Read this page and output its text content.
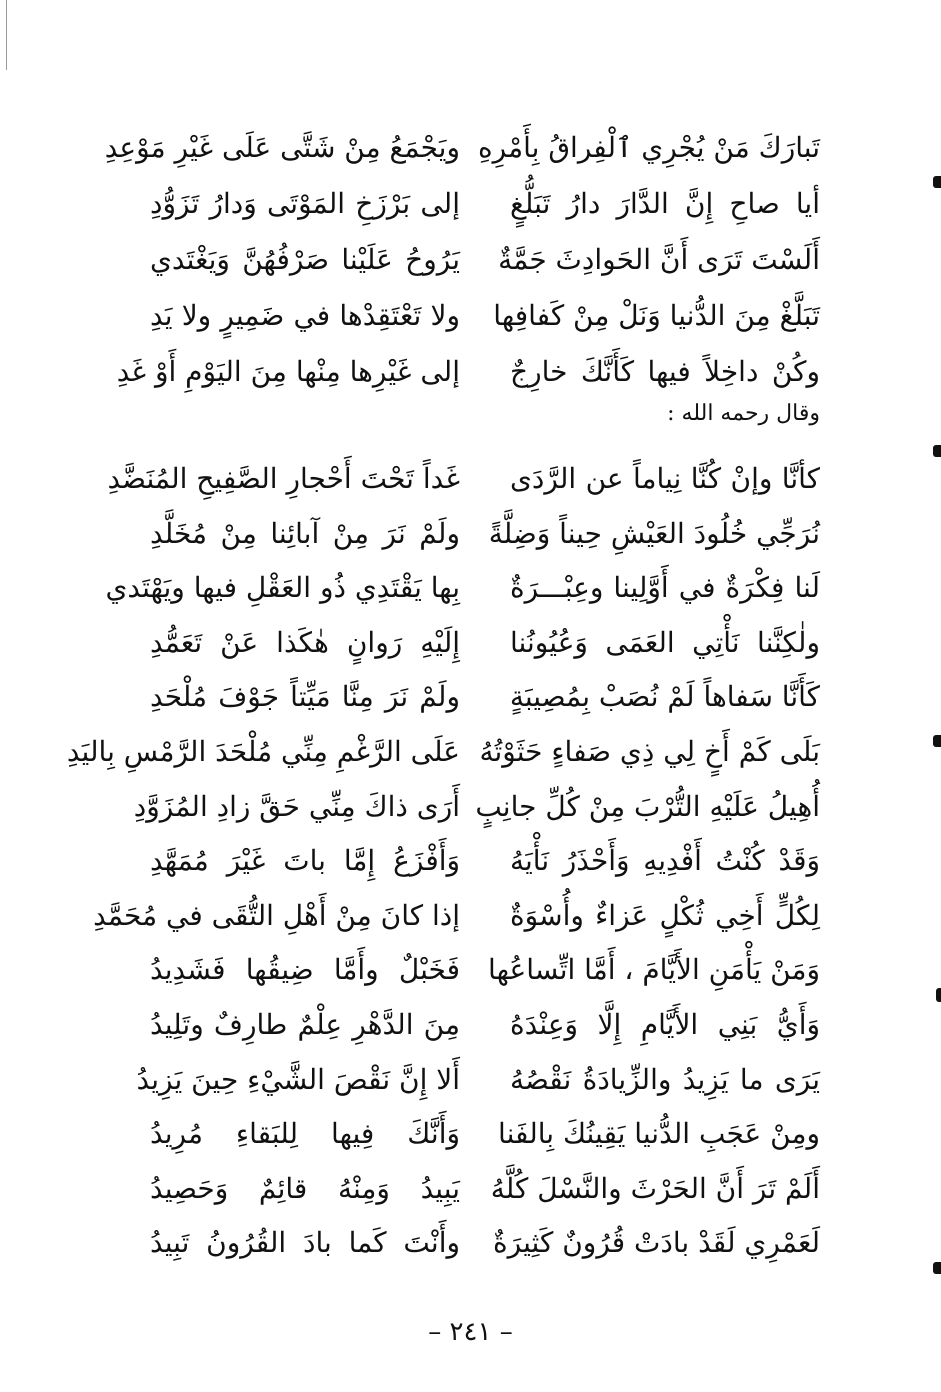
تَبارَكَ مَنْ يُجْرِي ٱلْفِراقُ بِأَمْرِهِ
ويَجْمَعُ مِنْ شَتَّى عَلَى غَيْرِ مَوْعِدِ
أيا صاحِ إِنَّ الدَّارَ دارُ تَبَلُّغٍ
إلى بَرْزَخِ المَوْتَى وَدارُ تَزَوُّدِ
أَلَسْتَ تَرَى أَنَّ الحَوادِثَ جَمَّةٌ
يَرُوحُ عَلَيْنا صَرْفُهُنَّ وَيَغْتَدي
تَبَلَّغْ مِنَ الدُّنيا وَنَلْ مِنْ كَفافِها
ولا تَعْتَقِدْها في ضَمِيرٍ ولا يَدِ
وكُنْ داخِلاً فيها كَأَنَّكَ خارِجٌ
إلى غَيْرِها مِنْها مِنَ اليَوْمِ أَوْ غَدِ
وقال رحمه الله :
كأنَّا وإنْ كُنَّا نِياماً عن الرَّدَى
غَداً تَحْتَ أَحْجارِ الصَّفِيحِ المُنَضَّدِ
نُرَجِّي خُلُودَ العَيْشِ حِيناً وَضِلَّةً
ولَمْ نَرَ مِنْ آبائِنا مِنْ مُخَلَّدِ
لَنا فِكْرَةٌ في أَوَّلِينا وعِبْـــرَةٌ
بِها يَقْتَدِي ذُو العَقْلِ فيها ويَهْتَدي
ولٰكِنَّنا نَأْتِي العَمَى وَعُيُونُنا
إِلَيْهِ رَوانٍ هٰكَذا عَنْ تَعَمُّدِ
كَأَنَّا سَفاهاً لَمْ نُصَبْ بِمُصِيبَةٍ
ولَمْ نَرَ مِنَّا مَيِّتاً جَوْفَ مُلْحَدِ
بَلَى كَمْ أَخٍ لِي ذِي صَفاءٍ حَثَوْتُهُ
عَلَى الرَّغْمِ مِنِّي مُلْحَدَ الرَّمْسِ بِاليَدِ
أُهِيلُ عَلَيْهِ التُّرْبَ مِنْ كُلِّ جانِبٍ
أَرَى ذاكَ مِنِّي حَقَّ زادِ المُزَوَّدِ
وَقَدْ كُنْتُ أَفْدِيهِ وَأَحْذَرُ نَأْيَهُ
وَأَفْزَعُ إِمَّا باتَ غَيْرَ مُمَهَّدِ
لِكُلٍّ أَخِي ثُكْلٍ عَزاءٌ وأُسْوَةٌ
إذا كانَ مِنْ أَهْلِ التُّقَى في مُحَمَّدِ
وَمَنْ يَأْمَنِ الأَيَّامَ ، أَمَّا اتِّساعُها
فَخَبْلٌ وأَمَّا ضِيقُها فَشَدِيدُ
وَأَيُّ بَنِي الأَيَّامِ إِلَّا وَعِنْدَهُ
مِنَ الدَّهْرِ عِلْمٌ طارِفٌ وتَلِيدُ
يَرَى ما يَزِيدُ والزِّيادَةُ نَقْصُهُ
أَلا إِنَّ نَقْصَ الشَّيْءِ حِينَ يَزِيدُ
ومِنْ عَجَبِ الدُّنيا يَقِينُكَ بِالفَنا
وَأَنَّكَ فِيها لِلبَقاءِ مُرِيدُ
أَلَمْ تَرَ أَنَّ الحَرْثَ والنَّسْلَ كُلَّهُ
يَبِيدُ وَمِنْهُ قائِمٌ وَحَصِيدُ
لَعَمْرِي لَقَدْ بادَتْ قُرُونٌ كَثِيرَةٌ
وأَنْتَ كَما بادَ القُرُونُ تَبِيدُ
– ٢٤١ –
